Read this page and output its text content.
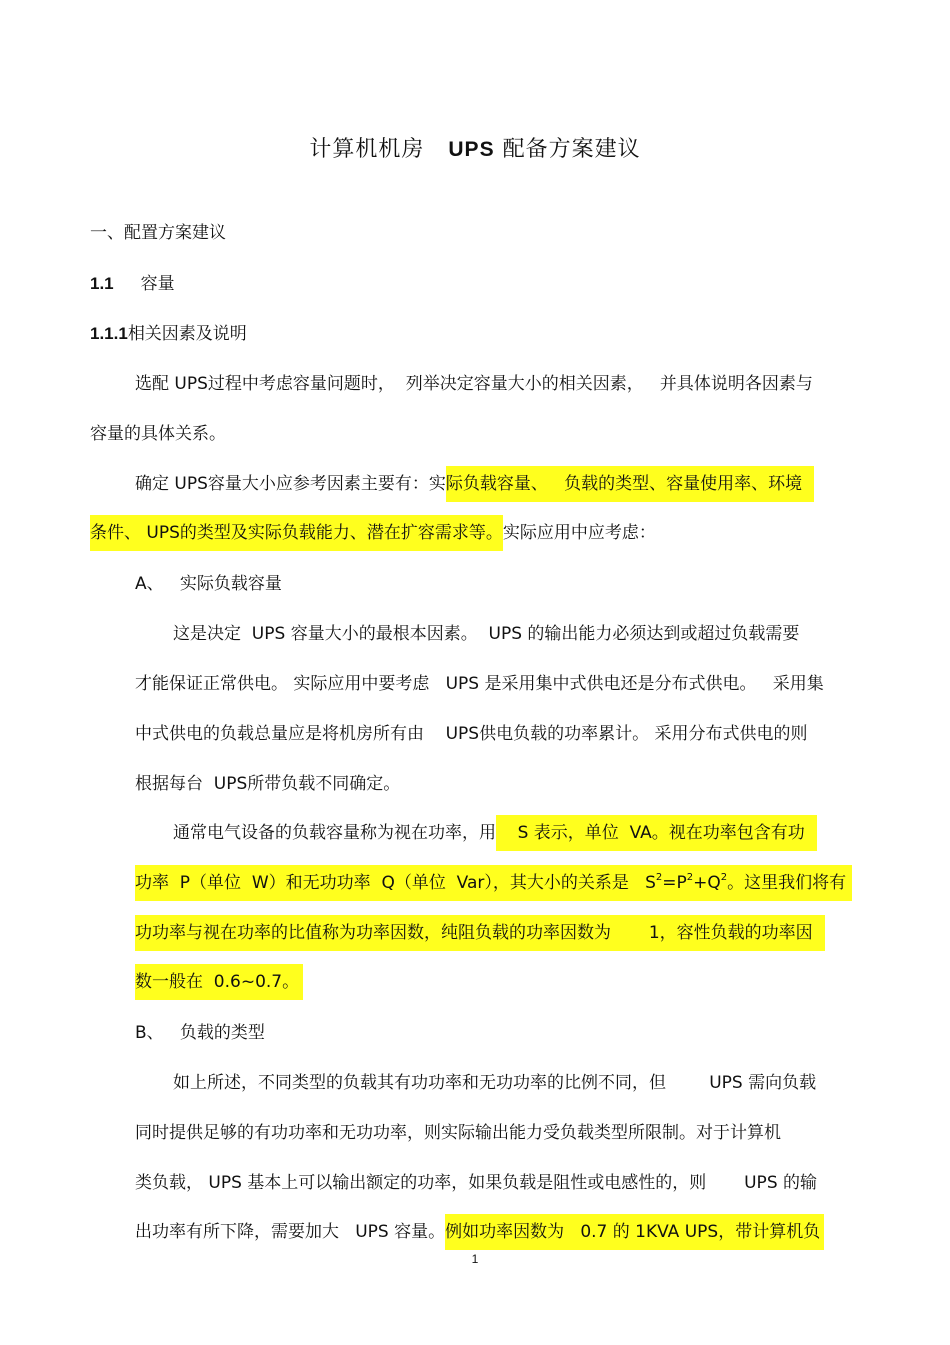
计算机机房 UPS 配备方案建议
一、配置方案建议
1.1 容量
1.1.1相关因素及说明
选配 UPS过程中考虑容量问题时，  列举决定容量大小的相关因素，   并具体说明各因素与
容量的具体关系。
确定 UPS容量大小应参考因素主要有：实际负载容量、   负载的类型、容量使用率、环境
条件、 UPS的类型及实际负载能力、潜在扩容需求等。实际应用中应考虑：
A、   实际负载容量
这是决定  UPS 容量大小的最根本因素。  UPS 的输出能力必须达到或超过负载需要
才能保证正常供电。 实际应用中要考虑   UPS 是采用集中式供电还是分布式供电。   采用集
中式供电的负载总量应是将机房所有由    UPS供电负载的功率累计。 采用分布式供电的则
根据每台  UPS所带负载不同确定。
通常电气设备的负载容量称为视在功率，用    S 表示，单位  VA。视在功率包含有功
功率  P（单位  W）和无功功率  Q（单位  Var），其大小的关系是   $S^2=P^2+Q^2$。这里我们将有
功功率与视在功率的比值称为功率因数，纯阻负载的功率因数为       1，容性负载的功率因
数一般在  0.6~0.7。
B、   负载的类型
如上所述，不同类型的负载其有功功率和无功功率的比例不同，但        UPS 需向负载
同时提供足够的有功功率和无功功率，则实际输出能力受负载类型所限制。对于计算机
类负载， UPS 基本上可以输出额定的功率，如果负载是阻性或电感性的，则       UPS 的输
出功率有所下降，需要加大   UPS 容量。例如功率因数为   0.7 的 1KVA UPS，带计算机负
1
